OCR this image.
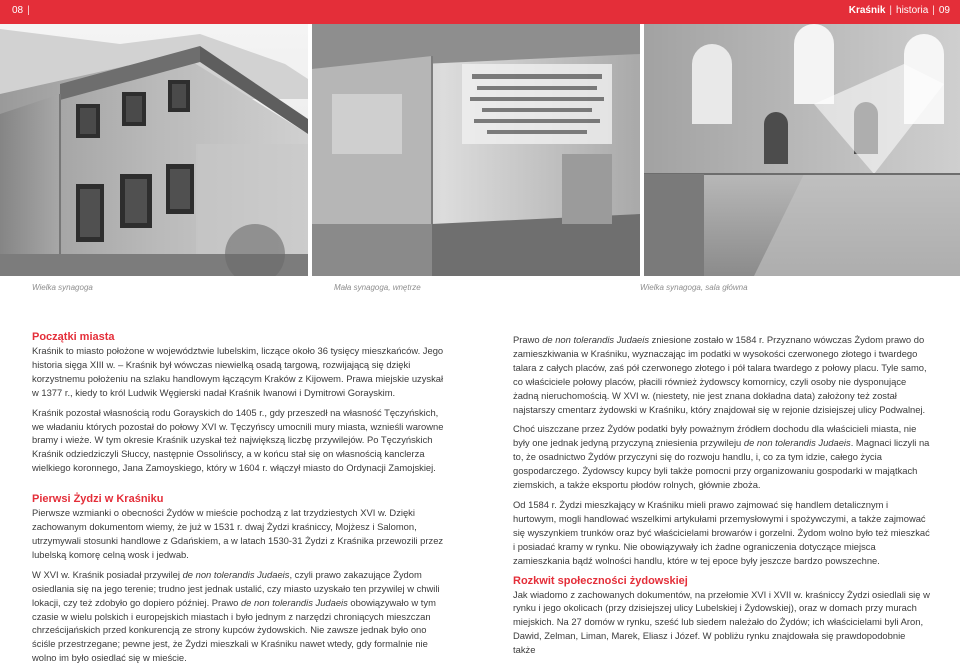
08 |	Kraśnik | historia | 09
Wielka synagoga	Mała synagoga, wnętrze	Wielka synagoga, sala główna
Początki miasta

Kraśnik to miasto położone w województwie lubelskim, liczące około 36 tysięcy mieszkańców. Jego historia sięga XIII w. – Kraśnik był wówczas niewielką osadą targową, rozwijającą się dzięki korzystnemu położeniu na szlaku handlowym łączącym Kraków z Kijowem. Prawa miejskie uzyskał w 1377 r., kiedy to król Ludwik Węgierski nadał Kraśnik Iwanowi i Dymitrowi Gorayskim.

Kraśnik pozostał własnością rodu Gorayskich do 1405 r., gdy przeszedł na własność Tęczyńskich, we władaniu których pozostał do połowy XVI w. Tęczyńscy umocnili mury miasta, wznieśli warowne bramy i wieże. W tym okresie Kraśnik uzyskał też największą liczbę przywilejów. Po Tęczyńskich Kraśnik odziedziczyli Słuccy, następnie Ossolińscy, a w końcu stał się on własnością kanclerza wielkiego koronnego, Jana Zamoyskiego, który w 1604 r. włączył miasto do Ordynacji Zamojskiej.

Pierwsi Żydzi w Kraśniku

Pierwsze wzmianki o obecności Żydów w mieście pochodzą z lat trzydziestych XVI w. Dzięki zachowanym dokumentom wiemy, że już w 1531 r. dwaj Żydzi kraśniccy, Mojżesz i Salomon, utrzymywali stosunki handlowe z Gdańskiem, a w latach 1530-31 Żydzi z Kraśnika przewozili przez lubelską komorę celną wosk i jedwab.

W XVI w. Kraśnik posiadał przywilej de non tolerandis Judaeis, czyli prawo zakazujące Żydom osiedlania się na jego terenie; trudno jest jednak ustalić, czy miasto uzyskało ten przywilej w chwili lokacji, czy też zdobyło go dopiero później. Prawo de non tolerandis Judaeis obowiązywało w tym czasie w wielu polskich i europejskich miastach i było jednym z narzędzi chroniących mieszczan chrześcijańskich przed konkurencją ze strony kupców żydowskich. Nie zawsze jednak było ono ściśle przestrzegane; pewne jest, że Żydzi mieszkali w Kraśniku nawet wtedy, gdy formalnie nie wolno im było osiedlać się w mieście.

Prawo de non tolerandis Judaeis zniesione zostało w 1584 r. Przyznano wówczas Żydom prawo do zamieszkiwania w Kraśniku, wyznaczając im podatki w wysokości czerwonego złotego i twardego talara z całych placów, zaś pół czerwonego złotego i pół talara twardego z połowy placu. Tyle samo, co właściciele połowy placów, płacili również żydowscy komornicy, czyli osoby nie dysponujące żadną nieruchomością. W XVI w. (niestety, nie jest znana dokładna data) założony też został najstarszy cmentarz żydowski w Kraśniku, który znajdował się w rejonie dzisiejszej ulicy Podwalnej.

Choć uiszczane przez Żydów podatki były poważnym źródłem dochodu dla właścicieli miasta, nie były one jednak jedyną przyczyną zniesienia przywileju de non tolerandis Judaeis. Magnaci liczyli na to, że osadnictwo Żydów przyczyni się do rozwoju handlu, i, co za tym idzie, całego życia gospodarczego. Żydowscy kupcy byli także pomocni przy organizowaniu gospodarki w majątkach ziemskich, a także eksportu płodów rolnych, głównie zboża.

Od 1584 r. Żydzi mieszkający w Kraśniku mieli prawo zajmować się handlem detalicznym i hurtowym, mogli handlować wszelkimi artykułami przemysłowymi i spożywczymi, a także zajmować się wyszynkiem trunków oraz być właścicielami browarów i gorzelni. Żydom wolno było też mieszkać i posiadać kramy w rynku. Nie obowiązywały ich żadne ograniczenia dotyczące miejsca zamieszkania bądź wolności handlu, które w tej epoce były jeszcze bardzo powszechne.

Rozkwit społeczności żydowskiej

Jak wiadomo z zachowanych dokumentów, na przełomie XVI i XVII w. kraśniccy Żydzi osiedlali się w rynku i jego okolicach (przy dzisiejszej ulicy Lubelskiej i Żydowskiej), oraz w domach przy murach miejskich. Na 27 domów w rynku, sześć lub siedem należało do Żydów; ich właścicielami byli Aron, Dawid, Zelman, Liman, Marek, Eliasz i Józef. W pobliżu rynku znajdowała się prawdopodobnie także
